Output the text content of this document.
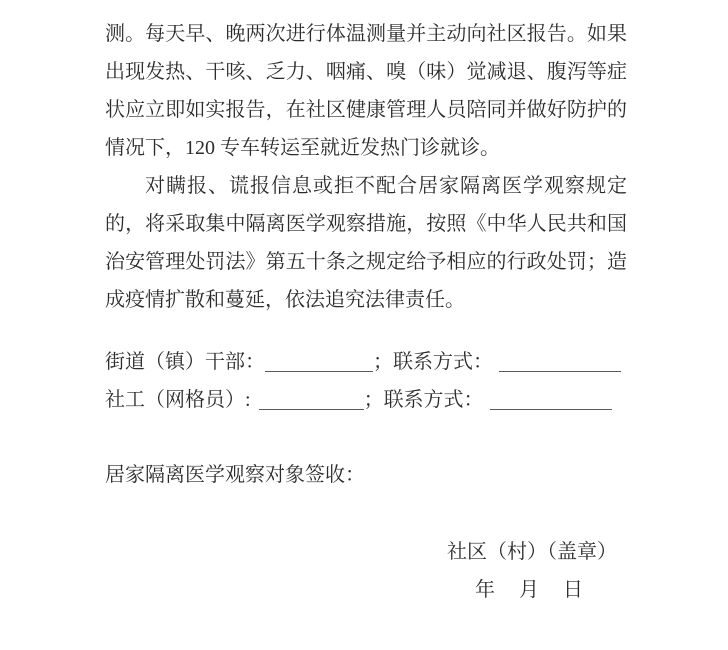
测。每天早、晚两次进行体温测量并主动向社区报告。如果
出现发热、干咳、乏力、咽痛、嗅（味）觉减退、腹泻等症
状应立即如实报告，在社区健康管理人员陪同并做好防护的
情况下，120 专车转运至就近发热门诊就诊。
对瞒报、谎报信息或拒不配合居家隔离医学观察规定
的，将采取集中隔离医学观察措施，按照《中华人民共和国
治安管理处罚法》第五十条之规定给予相应的行政处罚；造
成疫情扩散和蔓延，依法追究法律责任。
街道（镇）干部：	；联系方式：
社工（网格员）:	；联系方式：
居家隔离医学观察对象签收：
社区（村）（盖章）
年　月　日
